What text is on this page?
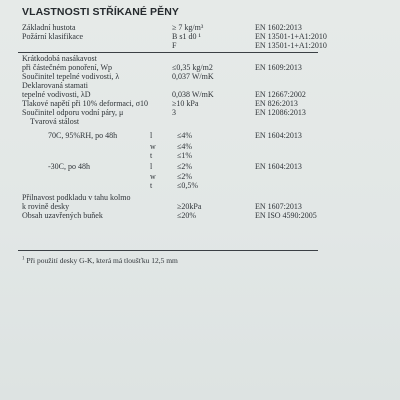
VLASTNOSTI STŘÍKANÉ PĚNY
Základní hustota	≥ 7 kg/m³	EN 1602:2013
Požární klasifikace	B s1 d0 ¹	EN 13501-1+A1:2010
F	EN 13501-1+A1:2010
Krátkodobá nasákavost
při částečném ponoření, Wp	≤0,35 kg/m2	EN 1609:2013
Součinitel tepelné vodivosti, λ	0,037 W/mK
Deklarovaná stamati
tepelné vodivosti, λD	0,038 W/mK	EN 12667:2002
Tlakové napětí při 10% deformaci, σ10	≥10 kPa	EN 826:2013
Součinitel odporu vodní páry, μ	3	EN 12086:2013
Tvarová stálost
70C, 95%RH, po 48h	l	≤4%	EN 1604:2013
w	≤4%
t	≤1%
-30C, po 48h	l	≤2%	EN 1604:2013
w	≤2%
t	≤0,5%
Přilnavost podkladu v tahu kolmo
k rovině desky	≥20kPa	EN 1607:2013
Obsah uzavřených buňek	≤20%	EN ISO 4590:2005
$^1$ Při použití desky G-K, která má tloušťku 12,5 mm
